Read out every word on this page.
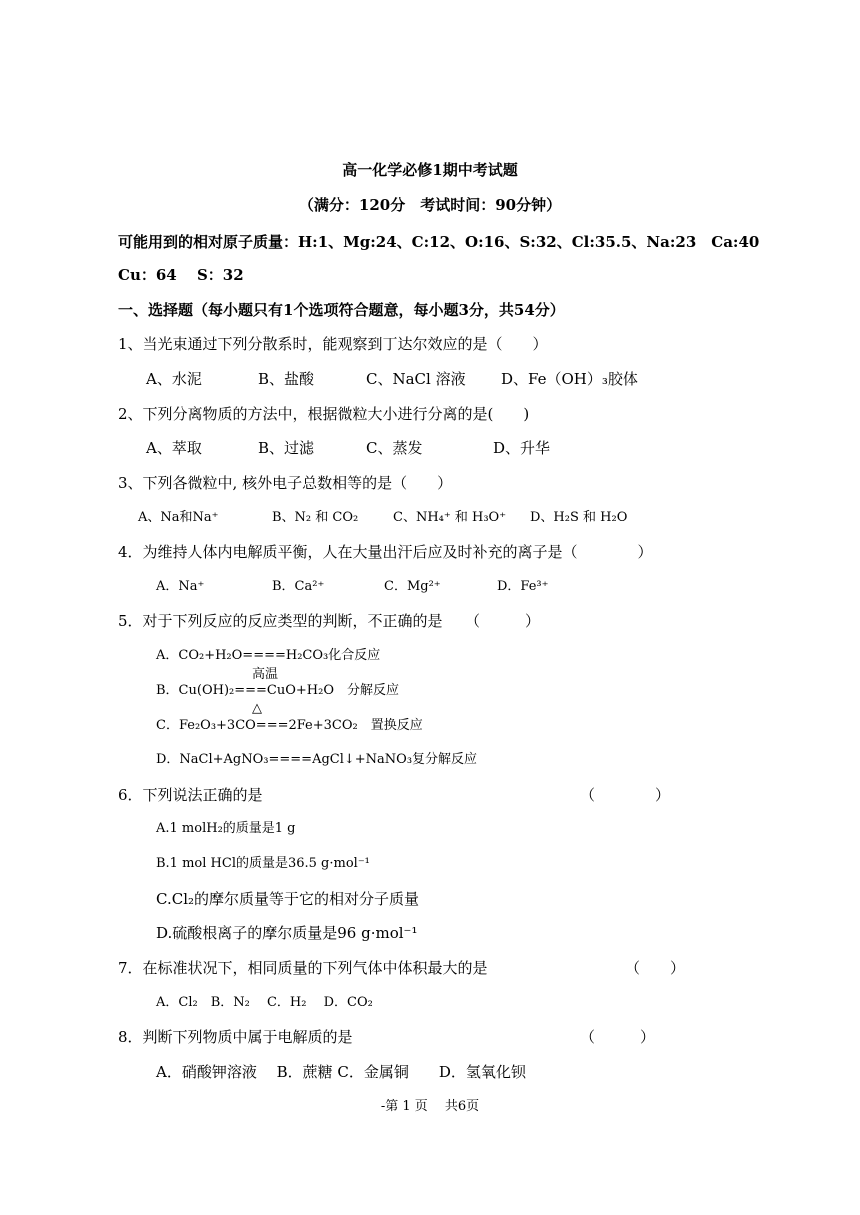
高一化学必修1期中考试题
（满分：120分　考试时间：90分钟）
可能用到的相对原子质量：H:1、Mg:24、C:12、O:16、S:32、Cl:35.5、Na:23　Ca:40
Cu：64　 S：32
一、选择题（每小题只有1个选项符合题意，每小题3分，共54分）
1、当光束通过下列分散系时，能观察到丁达尔效应的是（　　）
A、水泥	B、盐酸	C、NaCl 溶液 D、Fe（OH）₃胶体
2、下列分离物质的方法中，根据微粒大小进行分离的是(　　)
A、萃取	B、过滤	C、蒸发	D、升华
3、下列各微粒中, 核外电子总数相等的是（　　）
A、Na和Na⁺	B、N₂ 和 CO₂	C、NH₄⁺ 和 H₃O⁺ D、H₂S 和 H₂O
4．为维持人体内电解质平衡，人在大量出汗后应及时补充的离子是（　　　　）
A．Na⁺	B．Ca²⁺	C．Mg²⁺	D．Fe³⁺
5．对于下列反应的反应类型的判断，不正确的是　　（　　　）
A．CO₂+H₂O====H₂CO₃化合反应
高温
B．Cu(OH)₂===CuO+H₂O　分解反应
△
C．Fe₂O₃+3CO===2Fe+3CO₂　置换反应
D．NaCl+AgNO₃====AgCl↓+NaNO₃复分解反应
6．下列说法正确的是	（　　　　）
A.1 molH₂的质量是1 g
B.1 mol HCl的质量是36.5 g·mol⁻¹
C.Cl₂的摩尔质量等于它的相对分子质量
D.硫酸根离子的摩尔质量是96 g·mol⁻¹
7．在标准状况下，相同质量的下列气体中体积最大的是	（　　）
A．Cl₂　B．N₂　 C．H₂　 D．CO₂
8．判断下列物质中属于电解质的是	（　　　）
A．硝酸钾溶液　 B．蔗糖 C．金属铜　　D．氢氧化钡
-第 1 页　 共6页
